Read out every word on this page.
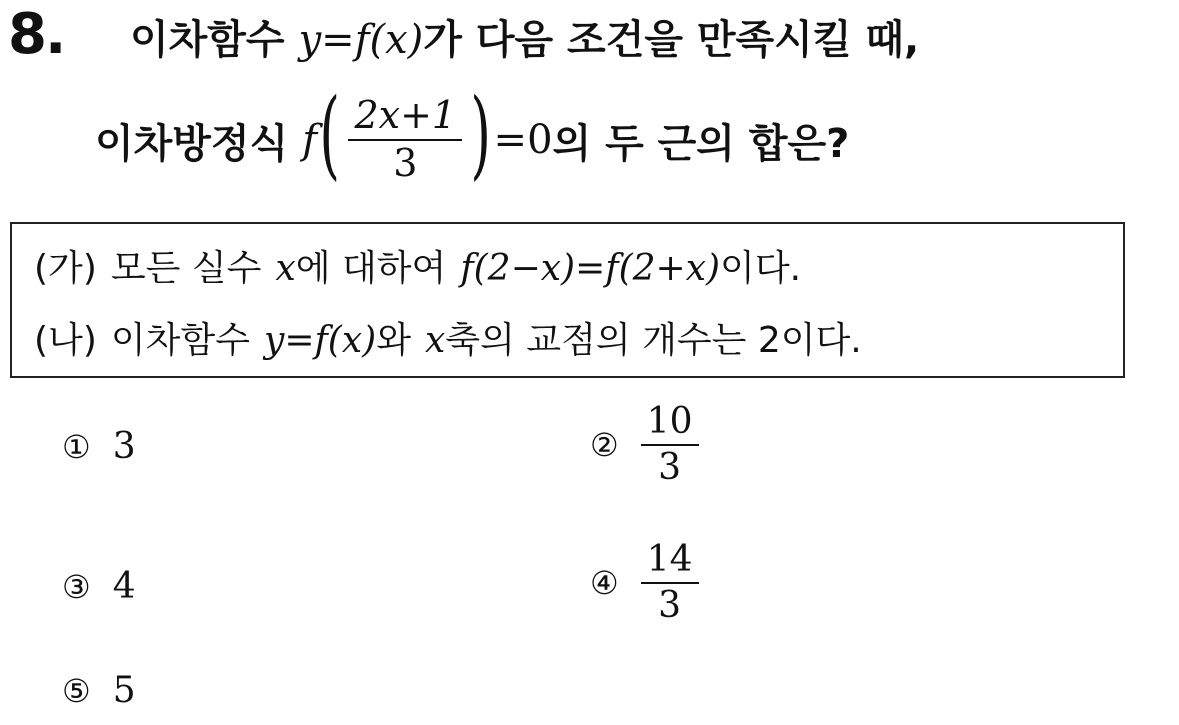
8. 이차함수 y = f (x) 가 다음 조건을 만족시킬 때,
이차방정식 f ( $\frac{2x+1}{3}$ ) =0 의 두 근의 합은?
(가) 모든 실수 x 에 대하여 f(2−x)=f(2+x) 이다.
(나) 이차함수 y=f(x) 와 x 축의 교점의 개수는 2이다.
① 3	② $\frac{10}{3}$
③ 4	④ $\frac{14}{3}$
⑤ 5
